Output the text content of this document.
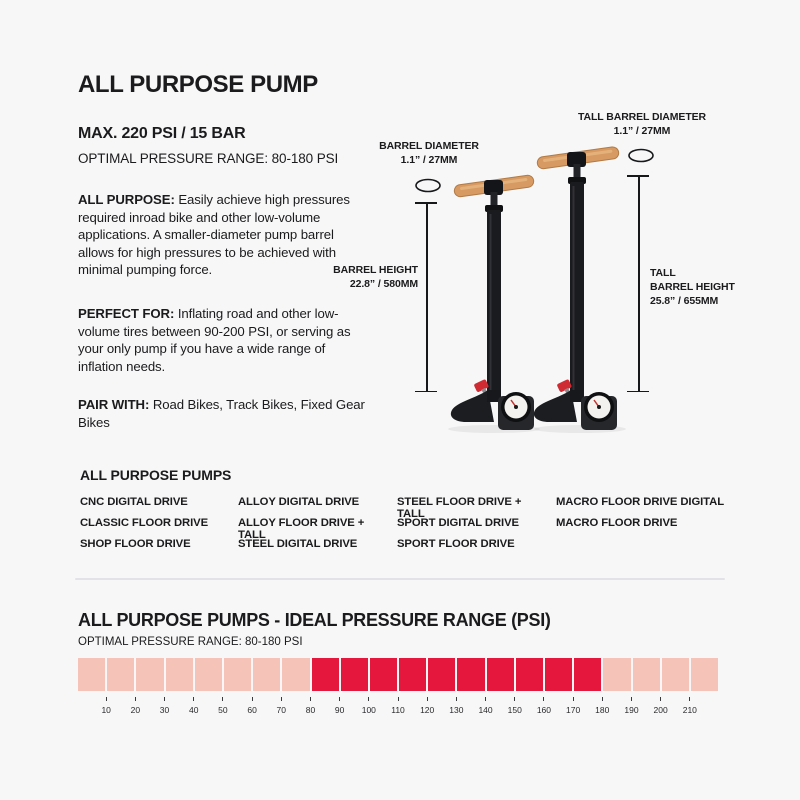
ALL PURPOSE PUMP
MAX. 220 PSI / 15 BAR
OPTIMAL PRESSURE RANGE: 80-180 PSI
ALL PURPOSE: Easily achieve high pressures required inroad bike and other low-volume applications. A smaller-diameter pump barrel allows for high pressures to be achieved with minimal pumping force.
PERFECT FOR: Inflating road and other low-volume tires between 90-200 PSI, or serving as your only pump if you have a wide range of inflation needs.
PAIR WITH: Road Bikes, Track Bikes, Fixed Gear Bikes
BARREL DIAMETER
1.1” / 27MM
TALL BARREL DIAMETER
1.1” / 27MM
BARREL HEIGHT
22.8” / 580MM
TALL
BARREL HEIGHT
25.8” / 655MM
ALL PURPOSE PUMPS
CNC DIGITAL DRIVE
CLASSIC FLOOR DRIVE
SHOP FLOOR DRIVE
ALLOY DIGITAL DRIVE
ALLOY FLOOR DRIVE + TALL
STEEL DIGITAL DRIVE
STEEL FLOOR DRIVE + TALL
SPORT DIGITAL DRIVE
SPORT FLOOR DRIVE
MACRO FLOOR DRIVE DIGITAL
MACRO FLOOR DRIVE
ALL PURPOSE PUMPS - IDEAL PRESSURE RANGE (PSI)
OPTIMAL PRESSURE RANGE: 80-180 PSI
10	20	30	40	50	60	70	80	90	100	110	120	130	140	150	160	170	180	190	200	210
